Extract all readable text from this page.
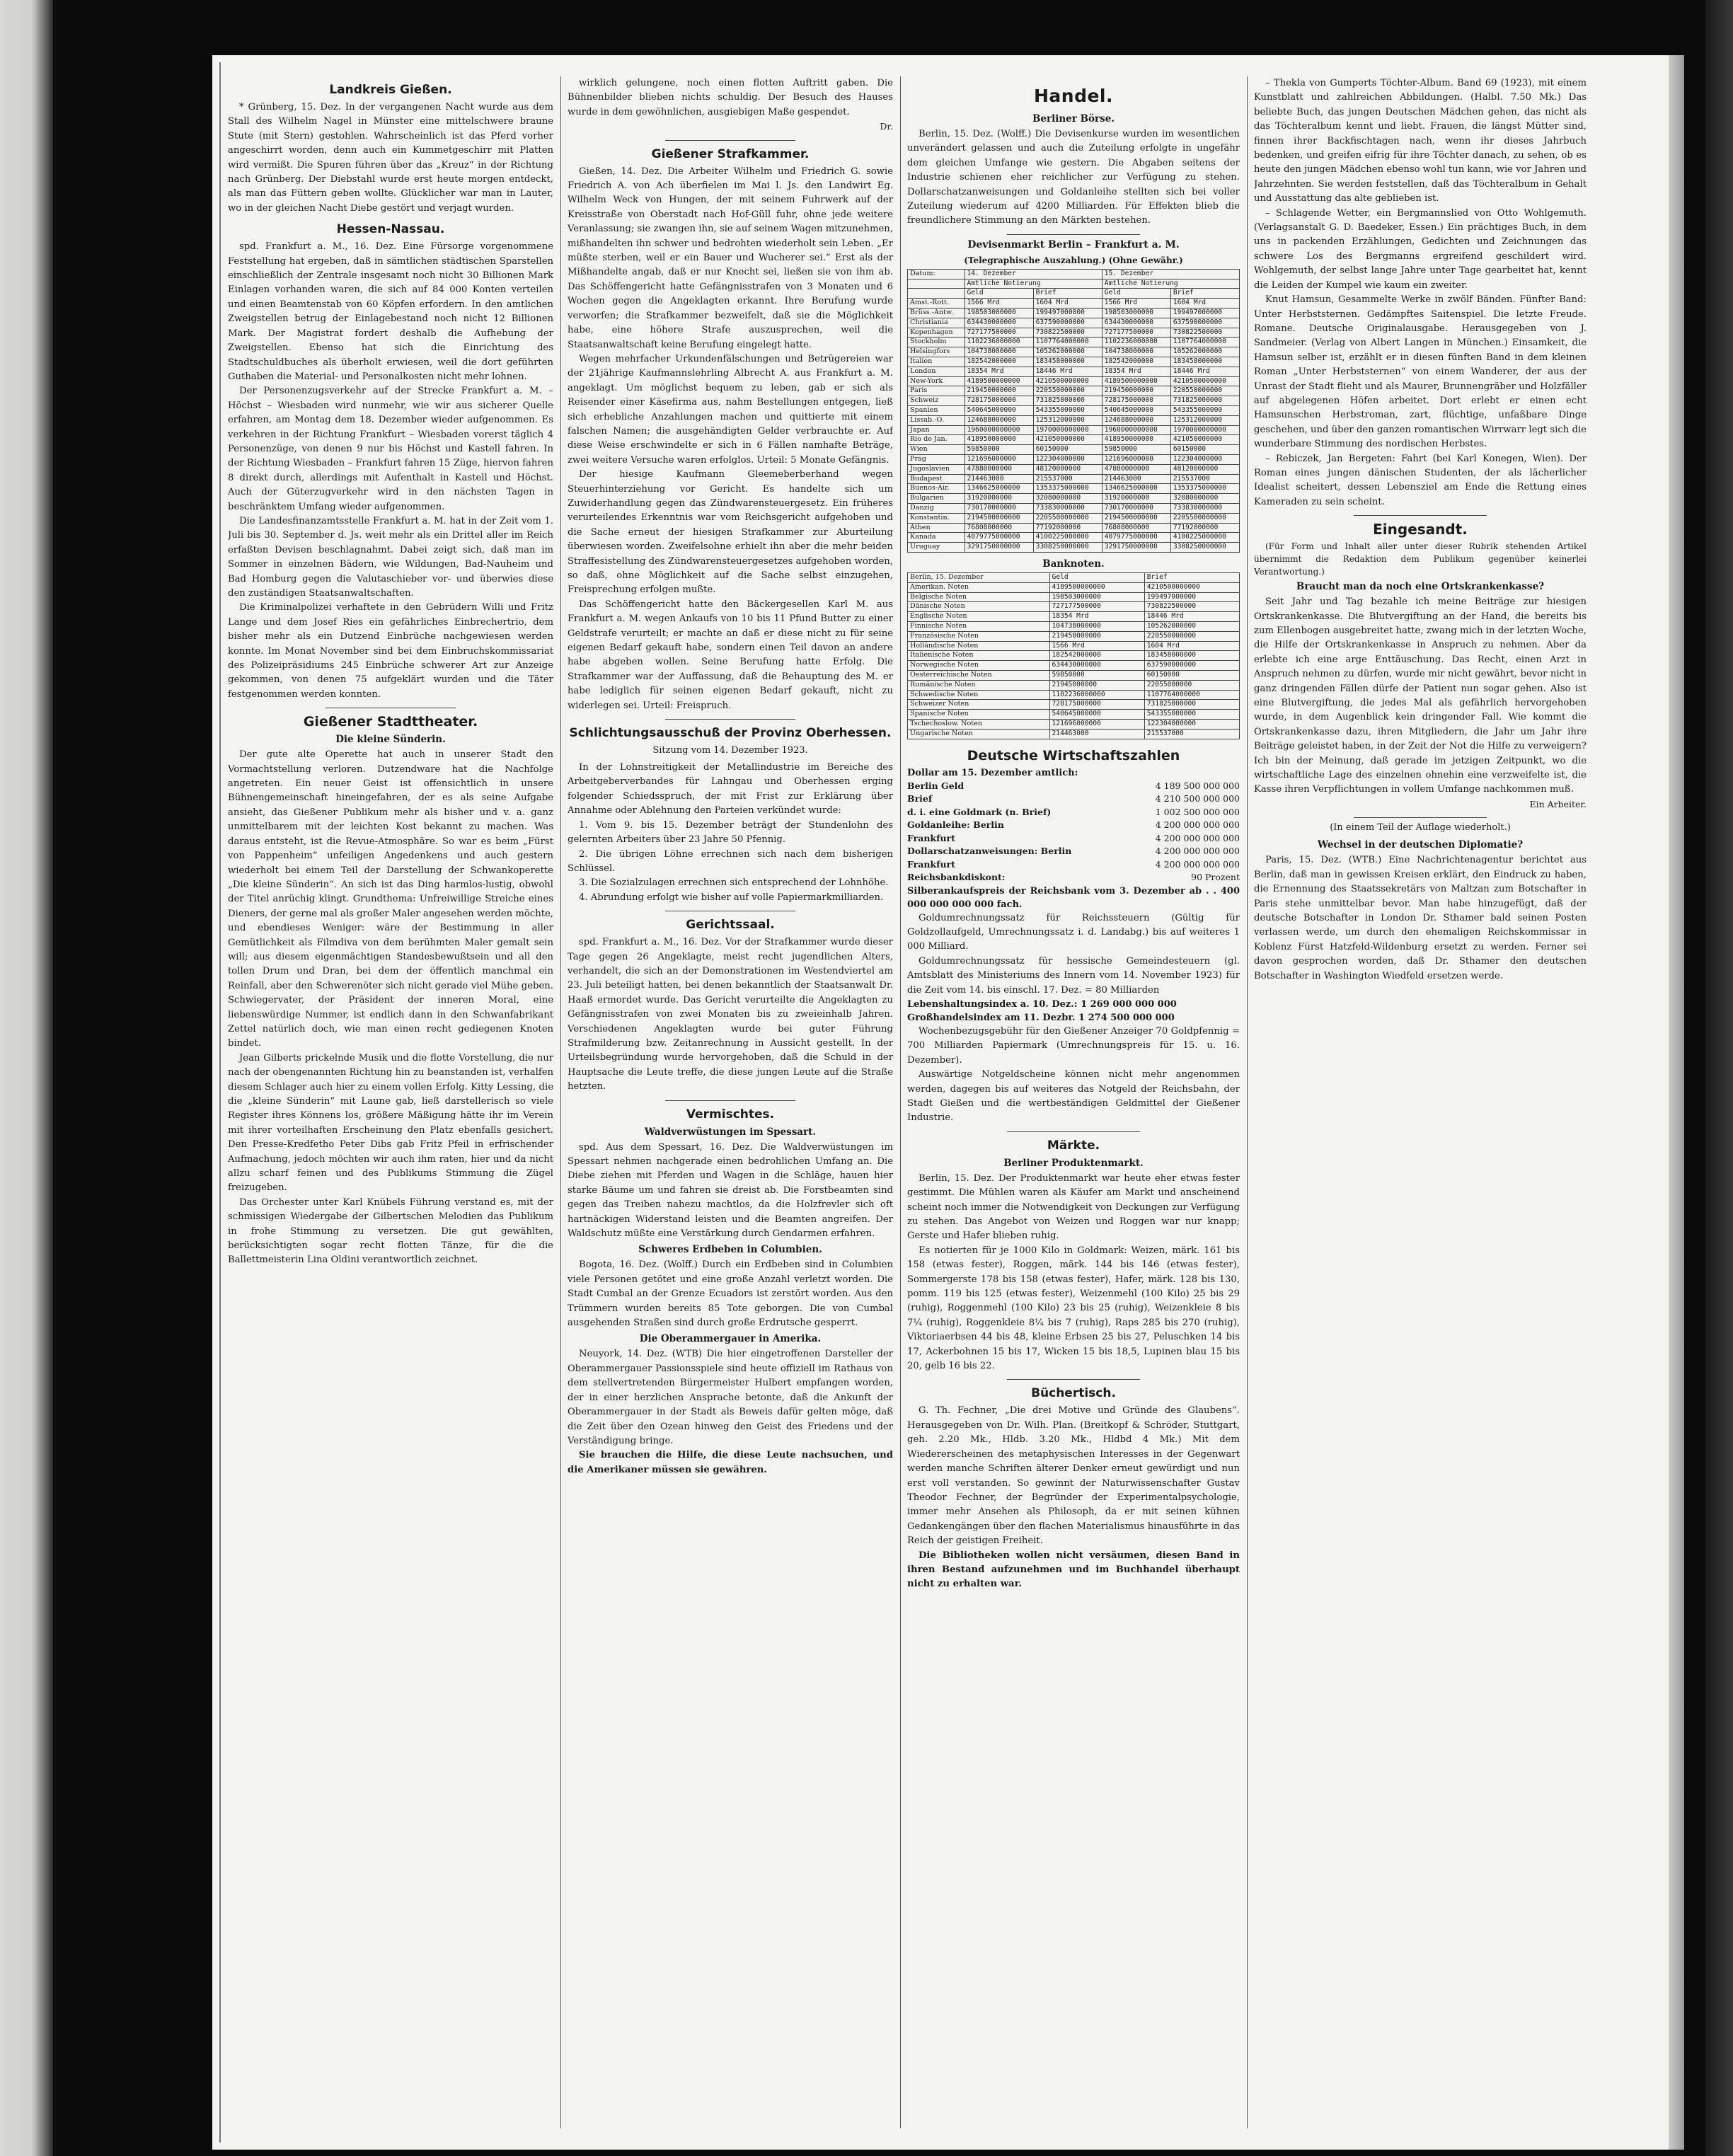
Landkreis Gießen.

* Grünberg, 15. Dez. In der vergangenen Nacht wurde aus dem Stall des Wilhelm Nagel in Münster eine mittelschwere braune Stute (mit Stern) gestohlen. Wahrscheinlich ist das Pferd vorher angeschirrt worden, denn auch ein Kummetgeschirr mit Platten wird vermißt. Die Spuren führen über das „Kreuz“ in der Richtung nach Grünberg. Der Diebstahl wurde erst heute morgen entdeckt, als man das Füttern geben wollte. Glücklicher war man in Lauter, wo in der gleichen Nacht Diebe gestört und verjagt wurden.

Hessen-Nassau.

spd. Frankfurt a. M., 16. Dez. Eine Fürsorge vorgenommene Feststellung hat ergeben, daß in sämtlichen städtischen Sparstellen einschließlich der Zentrale insgesamt noch nicht 30 Billionen Mark Einlagen vorhanden waren, die sich auf 84 000 Konten verteilen und einen Beamtenstab von 60 Köpfen erfordern. In den amtlichen Zweigstellen betrug der Einlagebestand noch nicht 12 Billionen Mark. Der Magistrat fordert deshalb die Aufhebung der Zweigstellen. Ebenso hat sich die Einrichtung des Stadtschuldbuches als überholt erwiesen, weil die dort geführten Guthaben die Material- und Personalkosten nicht mehr lohnen.

Der Personenzugsverkehr auf der Strecke Frankfurt a. M. – Höchst – Wiesbaden wird nunmehr, wie wir aus sicherer Quelle erfahren, am Montag dem 18. Dezember wieder aufgenommen. Es verkehren in der Richtung Frankfurt – Wiesbaden vorerst täglich 4 Personenzüge, von denen 9 nur bis Höchst und Kastell fahren. In der Richtung Wiesbaden – Frankfurt fahren 15 Züge, hiervon fahren 8 direkt durch, allerdings mit Aufenthalt in Kastell und Höchst. Auch der Güterzugverkehr wird in den nächsten Tagen in beschränktem Umfang wieder aufgenommen.

Die Landesfinanzamtsstelle Frankfurt a. M. hat in der Zeit vom 1. Juli bis 30. September d. Js. weit mehr als ein Drittel aller im Reich erfaßten Devisen beschlagnahmt. Dabei zeigt sich, daß man im Sommer in einzelnen Bädern, wie Wildungen, Bad-Nauheim und Bad Homburg gegen die Valutaschieber vor- und überwies diese den zuständigen Staatsanwaltschaften.

Die Kriminalpolizei verhaftete in den Gebrüdern Willi und Fritz Lange und dem Josef Ries ein gefährliches Einbrechertrio, dem bisher mehr als ein Dutzend Einbrüche nachgewiesen werden konnte. Im Monat November sind bei dem Einbruchskommissariat des Polizeipräsidiums 245 Einbrüche schwerer Art zur Anzeige gekommen, von denen 75 aufgeklärt wurden und die Täter festgenommen werden konnten.

Gießener Stadttheater.
Die kleine Sünderin.

Der gute alte Operette hat auch in unserer Stadt den Vormachtstellung verloren. Dutzendware hat die Nachfolge angetreten. Ein neuer Geist ist offensichtlich in unsere Bühnengemeinschaft hineingefahren, der es als seine Aufgabe ansieht, das Gießener Publikum mehr als bisher und v. a. ganz unmittelbarem mit der leichten Kost bekannt zu machen. Was daraus entsteht, ist die Revue-Atmosphäre. So war es beim „Fürst von Pappenheim“ unfeiligen Angedenkens und auch gestern wiederholt bei einem Teil der Darstellung der Schwankoperette „Die kleine Sünderin“. An sich ist das Ding harmlos-lustig, obwohl der Titel anrüchig klingt. Grundthema: Unfreiwillige Streiche eines Dieners, der gerne mal als großer Maler angesehen werden möchte, und ebendieses Weniger: wäre der Bestimmung in aller Gemütlichkeit als Filmdiva von dem berühmten Maler gemalt sein will; aus diesem eigenmächtigen Standesbewußtsein und all den tollen Drum und Dran, bei dem der öffentlich manchmal ein Reinfall, aber den Schwerenöter sich nicht gerade viel Mühe geben. Schwiegervater, der Präsident der inneren Moral, eine liebenswürdige Nummer, ist endlich dann in den Schwanfabrikant Zettel natürlich doch, wie man einen recht gediegenen Knoten bindet.

Jean Gilberts prickelnde Musik und die flotte Vorstellung, die nur nach der obengenannten Richtung hin zu beanstanden ist, verhalfen diesem Schlager auch hier zu einem vollen Erfolg. Kitty Lessing, die die „kleine Sünderin“ mit Laune gab, ließ darstellerisch so viele Register ihres Könnens los, größere Mäßigung hätte ihr im Verein mit ihrer vorteilhaften Erscheinung den Platz ebenfalls gesichert. Den Presse-Kredfetho Peter Dibs gab Fritz Pfeil in erfrischender Aufmachung, jedoch möchten wir auch ihm raten, hier und da nicht allzu scharf feinen und des Publikums Stimmung die Zügel freizugeben.

Das Orchester unter Karl Knübels Führung verstand es, mit der schmissigen Wiedergabe der Gilbertschen Melodien das Publikum in frohe Stimmung zu versetzen. Die gut gewählten, berücksichtigten sogar recht flotten Tänze, für die die Ballettmeisterin Lina Oldini verantwortlich zeichnet.

wirklich gelungene, noch einen flotten Auftritt gaben. Die Bühnenbilder blieben nichts schuldig. Der Besuch des Hauses wurde in dem gewöhnlichen, ausgiebigen Maße gespendet.

Dr.
Gießener Strafkammer.

Gießen, 14. Dez. Die Arbeiter Wilhelm und Friedrich G. sowie Friedrich A. von Ach überfielen im Mai l. Js. den Landwirt Eg. Wilhelm Weck von Hungen, der mit seinem Fuhrwerk auf der Kreisstraße von Oberstadt nach Hof-Güll fuhr, ohne jede weitere Veranlassung; sie zwangen ihn, sie auf seinem Wagen mitzunehmen, mißhandelten ihn schwer und bedrohten wiederholt sein Leben. „Er müßte sterben, weil er ein Bauer und Wucherer sei.“ Erst als der Mißhandelte angab, daß er nur Knecht sei, ließen sie von ihm ab. Das Schöffengericht hatte Gefängnisstrafen von 3 Monaten und 6 Wochen gegen die Angeklagten erkannt. Ihre Berufung wurde verworfen; die Strafkammer bezweifelt, daß sie die Möglichkeit habe, eine höhere Strafe auszusprechen, weil die Staatsanwaltschaft keine Berufung eingelegt hatte.

Wegen mehrfacher Urkundenfälschungen und Betrügereien war der 21jährige Kaufmannslehrling Albrecht A. aus Frankfurt a. M. angeklagt. Um möglichst bequem zu leben, gab er sich als Reisender einer Käsefirma aus, nahm Bestellungen entgegen, ließ sich erhebliche Anzahlungen machen und quittierte mit einem falschen Namen; die ausgehändigten Gelder verbrauchte er. Auf diese Weise erschwindelte er sich in 6 Fällen namhafte Beträge, zwei weitere Versuche waren erfolglos. Urteil: 5 Monate Gefängnis.

Der hiesige Kaufmann Gleemeberberhand wegen Steuerhinterziehung vor Gericht. Es handelte sich um Zuwiderhandlung gegen das Zündwarensteuergesetz. Ein früheres verurteilendes Erkenntnis war vom Reichsgericht aufgehoben und die Sache erneut der hiesigen Strafkammer zur Aburteilung überwiesen worden. Zweifelsohne erhielt ihn aber die mehr beiden Straffesistellung des Zündwarensteuergesetzes aufgehoben worden, so daß, ohne Möglichkeit auf die Sache selbst einzugehen, Freisprechung erfolgen mußte.

Das Schöffengericht hatte den Bäckergesellen Karl M. aus Frankfurt a. M. wegen Ankaufs von 10 bis 11 Pfund Butter zu einer Geldstrafe verurteilt; er machte an daß er diese nicht zu für seine eigenen Bedarf gekauft habe, sondern einen Teil davon an andere habe abgeben wollen. Seine Berufung hatte Erfolg. Die Strafkammer war der Auffassung, daß die Behauptung des M. er habe lediglich für seinen eigenen Bedarf gekauft, nicht zu widerlegen sei. Urteil: Freispruch.

Schlichtungsausschuß der Provinz Oberhessen.
Sitzung vom 14. Dezember 1923.

In der Lohnstreitigkeit der Metallindustrie im Bereiche des Arbeitgeberverbandes für Lahngau und Oberhessen erging folgender Schiedsspruch, der mit Frist zur Erklärung über Annahme oder Ablehnung den Parteien verkündet wurde:

1. Vom 9. bis 15. Dezember beträgt der Stundenlohn des gelernten Arbeiters über 23 Jahre 50 Pfennig.

2. Die übrigen Löhne errechnen sich nach dem bisherigen Schlüssel.

3. Die Sozialzulagen errechnen sich entsprechend der Lohnhöhe.

4. Abrundung erfolgt wie bisher auf volle Papiermarkmilliarden.

Gerichtssaal.

spd. Frankfurt a. M., 16. Dez. Vor der Strafkammer wurde dieser Tage gegen 26 Angeklagte, meist recht jugendlichen Alters, verhandelt, die sich an der Demonstrationen im Westendviertel am 23. Juli beteiligt hatten, bei denen bekanntlich der Staatsanwalt Dr. Haaß ermordet wurde. Das Gericht verurteilte die Angeklagten zu Gefängnisstrafen von zwei Monaten bis zu zweieinhalb Jahren. Verschiedenen Angeklagten wurde bei guter Führung Strafmilderung bzw. Zeitanrechnung in Aussicht gestellt. In der Urteilsbegründung wurde hervorgehoben, daß die Schuld in der Hauptsache die Leute treffe, die diese jungen Leute auf die Straße hetzten.

Vermischtes.
Waldverwüstungen im Spessart.

spd. Aus dem Spessart, 16. Dez. Die Waldverwüstungen im Spessart nehmen nachgerade einen bedrohlichen Umfang an. Die Diebe ziehen mit Pferden und Wagen in die Schläge, hauen hier starke Bäume um und fahren sie dreist ab. Die Forstbeamten sind gegen das Treiben nahezu machtlos, da die Holzfrevler sich oft hartnäckigen Widerstand leisten und die Beamten angreifen. Der Waldschutz müßte eine Verstärkung durch Gendarmen erfahren.

Schweres Erdbeben in Columbien.

Bogota, 16. Dez. (Wolff.) Durch ein Erdbeben sind in Columbien viele Personen getötet und eine große Anzahl verletzt worden. Die Stadt Cumbal an der Grenze Ecuadors ist zerstört worden. Aus den Trümmern wurden bereits 85 Tote geborgen. Die von Cumbal ausgehenden Straßen sind durch große Erdrutsche gesperrt.

Die Oberammergauer in Amerika.

Neuyork, 14. Dez. (WTB) Die hier eingetroffenen Darsteller der Oberammergauer Passionsspiele sind heute offiziell im Rathaus von dem stellvertretenden Bürgermeister Hulbert empfangen worden, der in einer herzlichen Ansprache betonte, daß die Ankunft der Oberammergauer in der Stadt als Beweis dafür gelten möge, daß die Zeit über den Ozean hinweg den Geist des Friedens und der Verständigung bringe.

Sie brauchen die Hilfe, die diese Leute nachsuchen, und die Amerikaner müssen sie gewähren.

Handel.
Berliner Börse.

Berlin, 15. Dez. (Wolff.) Die Devisenkurse wurden im wesentlichen unverändert gelassen und auch die Zuteilung erfolgte in ungefähr dem gleichen Umfange wie gestern. Die Abgaben seitens der Industrie schienen eher reichlicher zur Verfügung zu stehen. Dollarschatzanweisungen und Goldanleihe stellten sich bei voller Zuteilung wiederum auf 4200 Milliarden. Für Effekten blieb die freundlichere Stimmung an den Märkten bestehen.

Devisenmarkt Berlin – Frankfurt a. M.
(Telegraphische Auszahlung.) (Ohne Gewähr.)
Datum:	14. Dezember		15. Dezember	
	Amtliche Notierung		Amtliche Notierung	
	Geld	Brief	Geld	Brief
Amst.-Rott.	1566 Mrd	1604 Mrd	1566 Mrd	1604 Mrd
Brüss.-Antw.	198503000000	199497000000	198503000000	199497000000
Christiania	634430000000	637590000000	634430000000	637590000000
Kopenhagen	727177500000	730822500000	727177500000	730822500000
Stockholm	1102236000000	1107764000000	1102236000000	1107764000000
Helsingfors	104738000000	105262000000	104738000000	105262000000
Italien	182542000000	183458000000	182542000000	183458000000
London	18354 Mrd	18446 Mrd	18354 Mrd	18446 Mrd
New-York	4189500000000	4210500000000	4189500000000	4210500000000
Paris	219450000000	220550000000	219450000000	220550000000
Schweiz	728175000000	731825000000	728175000000	731825000000
Spanien	540645000000	543355000000	540645000000	543355000000
Lissab.-O.	124688000000	125312000000	124688000000	125312000000
Japan	1960000000000	1970000000000	1960000000000	1970000000000
Rio de Jan.	418950000000	421050000000	418950000000	421050000000
Wien	59850000	60150000	59850000	60150000
Prag	121696000000	122304000000	121696000000	122304000000
Jugoslavien	47880000000	48120000000	47880000000	48120000000
Budapest	214463000	215537000	214463000	215537000
Buenos-Air.	1346625000000	1353375000000	1346625000000	1353375000000
Bulgarien	31920000000	32080000000	31920000000	32080000000
Danzig	730170000000	733830000000	730170000000	733830000000
Konstantin.	2194500000000	2205500000000	2194500000000	2205500000000
Athen	76808000000	77192000000	76808000000	77192000000
Kanada	4079775000000	4100225000000	4079775000000	4100225000000
Uruguay	3291750000000	3308250000000	3291750000000	3308250000000
Banknoten.
Berlin, 15. Dezember	Geld	Brief
Amerikan. Noten	4189500000000	4210500000000
Belgische Noten	198503000000	199497000000
Dänische Noten	727177500000	730822500000
Englische Noten	18354 Mrd	18446 Mrd
Finnische Noten	104738000000	105262000000
Französische Noten	219450000000	220550000000
Holländische Noten	1566 Mrd	1604 Mrd
Italienische Noten	182542000000	183458000000
Norwegische Noten	634430000000	637590000000
Oesterreichische Noten	59850000	60150000
Rumänische Noten	21945000000	22055000000
Schwedische Noten	1102236000000	1107764000000
Schweizer Noten	728175000000	731825000000
Spanische Noten	540645000000	543355000000
Tschechoslow. Noten	121696000000	122304000000
Ungarische Noten	214463000	215537000
Deutsche Wirtschaftszahlen
Dollar am 15. Dezember amtlich:
Berlin Geld	4 189 500 000 000
Brief	4 210 500 000 000
d. i. eine Goldmark (n. Brief)	1 002 500 000 000
Goldanleihe: Berlin	4 200 000 000 000
Frankfurt	4 200 000 000 000
Dollarschatzanweisungen: Berlin	4 200 000 000 000
Frankfurt	4 200 000 000 000
Reichsbankdiskont:	90 Prozent

Silberankaufspreis der Reichsbank vom 3. Dezember ab . . 400 000 000 000 000 fach.

Goldumrechnungssatz für Reichssteuern (Gültig für Goldzollaufgeld, Umrechnungssatz i. d. Landabg.) bis auf weiteres 1 000 Milliard.

Goldumrechnungssatz für hessische Gemeindesteuern (gl. Amtsblatt des Ministeriums des Innern vom 14. November 1923) für die Zeit vom 14. bis einschl. 17. Dez. = 80 Milliarden

Lebenshaltungsindex a. 10. Dez.: 1 269 000 000 000

Großhandelsindex am 11. Dezbr. 1 274 500 000 000

Wochenbezugsgebühr für den Gießener Anzeiger 70 Goldpfennig = 700 Milliarden Papiermark (Umrechnungspreis für 15. u. 16. Dezember).

Auswärtige Notgeldscheine können nicht mehr angenommen werden, dagegen bis auf weiteres das Notgeld der Reichsbahn, der Stadt Gießen und die wertbeständigen Geldmittel der Gießener Industrie.

Märkte.
Berliner Produktenmarkt.

Berlin, 15. Dez. Der Produktenmarkt war heute eher etwas fester gestimmt. Die Mühlen waren als Käufer am Markt und anscheinend scheint noch immer die Notwendigkeit von Deckungen zur Verfügung zu stehen. Das Angebot von Weizen und Roggen war nur knapp; Gerste und Hafer blieben ruhig.

Es notierten für je 1000 Kilo in Goldmark: Weizen, märk. 161 bis 158 (etwas fester), Roggen, märk. 144 bis 146 (etwas fester), Sommergerste 178 bis 158 (etwas fester), Hafer, märk. 128 bis 130, pomm. 119 bis 125 (etwas fester), Weizenmehl (100 Kilo) 25 bis 29 (ruhig), Roggenmehl (100 Kilo) 23 bis 25 (ruhig), Weizenkleie 8 bis 7¼ (ruhig), Roggenkleie 8¼ bis 7 (ruhig), Raps 285 bis 270 (ruhig), Viktoriaerbsen 44 bis 48, kleine Erbsen 25 bis 27, Peluschken 14 bis 17, Ackerbohnen 15 bis 17, Wicken 15 bis 18,5, Lupinen blau 15 bis 20, gelb 16 bis 22.

Büchertisch.

G. Th. Fechner, „Die drei Motive und Gründe des Glaubens“. Herausgegeben von Dr. Wilh. Plan. (Breitkopf & Schröder, Stuttgart, geh. 2.20 Mk., Hldb. 3.20 Mk., Hldbd 4 Mk.) Mit dem Wiedererscheinen des metaphysischen Interesses in der Gegenwart werden manche Schriften älterer Denker erneut gewürdigt und nun erst voll verstanden. So gewinnt der Naturwissenschafter Gustav Theodor Fechner, der Begründer der Experimentalpsychologie, immer mehr Ansehen als Philosoph, da er mit seinen kühnen Gedankengängen über den flachen Materialismus hinausführte in das Reich der geistigen Freiheit.

Die Bibliotheken wollen nicht versäumen, diesen Band in ihren Bestand aufzunehmen und im Buchhandel überhaupt nicht zu erhalten war.

– Thekla von Gumperts Töchter-Album. Band 69 (1923), mit einem Kunstblatt und zahlreichen Abbildungen. (Halbl. 7.50 Mk.) Das beliebte Buch, das jungen Deutschen Mädchen gehen, das nicht als das Töchteralbum kennt und liebt. Frauen, die längst Mütter sind, finnen ihrer Backfischtagen nach, wenn ihr dieses Jahrbuch bedenken, und greifen eifrig für ihre Töchter danach, zu sehen, ob es heute den jungen Mädchen ebenso wohl tun kann, wie vor Jahren und Jahrzehnten. Sie werden feststellen, daß das Töchteralbum in Gehalt und Ausstattung das alte geblieben ist.

– Schlagende Wetter, ein Bergmannslied von Otto Wohlgemuth. (Verlagsanstalt G. D. Baedeker, Essen.) Ein prächtiges Buch, in dem uns in packenden Erzählungen, Gedichten und Zeichnungen das schwere Los des Bergmanns ergreifend geschildert wird. Wohlgemuth, der selbst lange Jahre unter Tage gearbeitet hat, kennt die Leiden der Kumpel wie kaum ein zweiter.

Knut Hamsun, Gesammelte Werke in zwölf Bänden. Fünfter Band: Unter Herbststernen. Gedämpftes Saitenspiel. Die letzte Freude. Romane. Deutsche Originalausgabe. Herausgegeben von J. Sandmeier. (Verlag von Albert Langen in München.) Einsamkeit, die Hamsun selber ist, erzählt er in diesen fünften Band in dem kleinen Roman „Unter Herbststernen“ von einem Wanderer, der aus der Unrast der Stadt flieht und als Maurer, Brunnengräber und Holzfäller auf abgelegenen Höfen arbeitet. Dort erlebt er einen echt Hamsunschen Herbstroman, zart, flüchtige, unfaßbare Dinge geschehen, und über den ganzen romantischen Wirrwarr legt sich die wunderbare Stimmung des nordischen Herbstes.

– Rebiczek, Jan Bergeten: Fahrt (bei Karl Konegen, Wien). Der Roman eines jungen dänischen Studenten, der als lächerlicher Idealist scheitert, dessen Lebensziel am Ende die Rettung eines Kameraden zu sein scheint.

Eingesandt.

(Für Form und Inhalt aller unter dieser Rubrik stehenden Artikel übernimmt die Redaktion dem Publikum gegenüber keinerlei Verantwortung.)

Braucht man da noch eine Ortskrankenkasse?

Seit Jahr und Tag bezahle ich meine Beiträge zur hiesigen Ortskrankenkasse. Die Blutvergiftung an der Hand, die bereits bis zum Ellenbogen ausgebreitet hatte, zwang mich in der letzten Woche, die Hilfe der Ortskrankenkasse in Anspruch zu nehmen. Aber da erlebte ich eine arge Enttäuschung. Das Recht, einen Arzt in Anspruch nehmen zu dürfen, wurde mir nicht gewährt, bevor nicht in ganz dringenden Fällen dürfe der Patient nun sogar gehen. Also ist eine Blutvergiftung, die jedes Mal als gefährlich hervorgehoben wurde, in dem Augenblick kein dringender Fall. Wie kommt die Ortskrankenkasse dazu, ihren Mitgliedern, die Jahr um Jahr ihre Beiträge geleistet haben, in der Zeit der Not die Hilfe zu verweigern? Ich bin der Meinung, daß gerade im jetzigen Zeitpunkt, wo die wirtschaftliche Lage des einzelnen ohnehin eine verzweifelte ist, die Kasse ihren Verpflichtungen in vollem Umfange nachkommen muß.

Ein Arbeiter.
(In einem Teil der Auflage wiederholt.)
Wechsel in der deutschen Diplomatie?

Paris, 15. Dez. (WTB.) Eine Nachrichtenagentur berichtet aus Berlin, daß man in gewissen Kreisen erklärt, den Eindruck zu haben, die Ernennung des Staatssekretärs von Maltzan zum Botschafter in Paris stehe unmittelbar bevor. Man habe hinzugefügt, daß der deutsche Botschafter in London Dr. Sthamer bald seinen Posten verlassen werde, um durch den ehemaligen Reichskommissar in Koblenz Fürst Hatzfeld-Wildenburg ersetzt zu werden. Ferner sei davon gesprochen worden, daß Dr. Sthamer den deutschen Botschafter in Washington Wiedfeld ersetzen werde.
